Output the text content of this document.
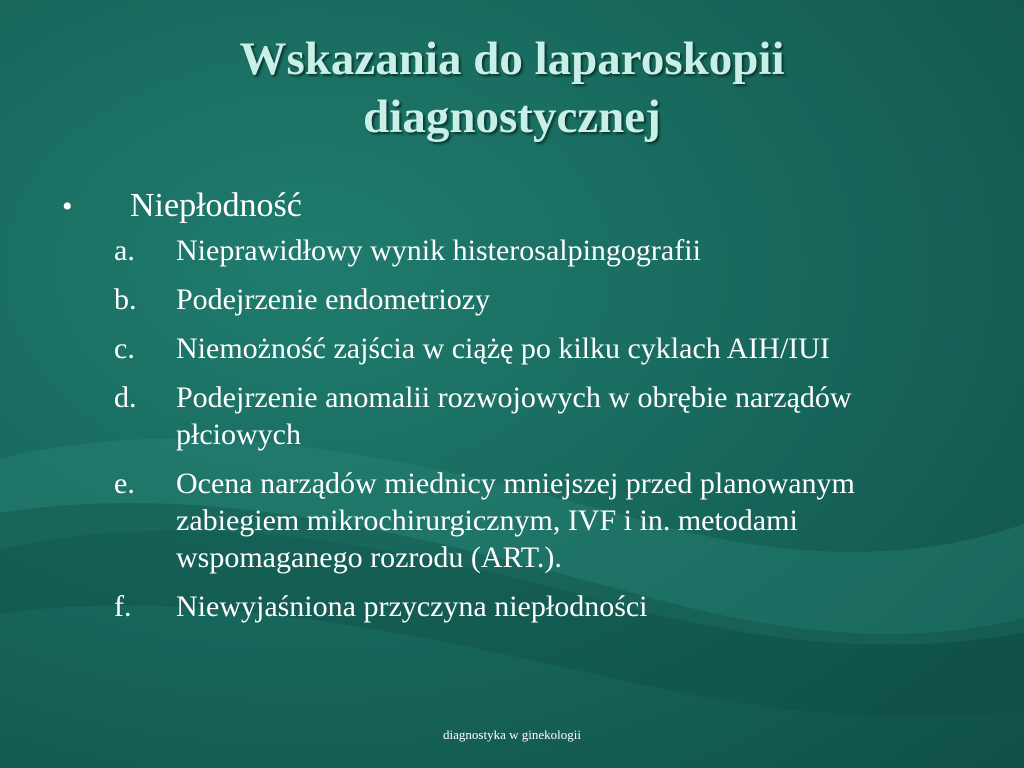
Wskazania do laparoskopii
diagnostycznej
•	Niepłodność
a.	Nieprawidłowy wynik histerosalpingografii
b.	Podejrzenie endometriozy
c.	Niemożność zajścia w ciążę po kilku cyklach AIH/IUI
d.	Podejrzenie anomalii rozwojowych w obrębie narządów płciowych
e.	Ocena narządów miednicy mniejszej przed planowanym zabiegiem mikrochirurgicznym, IVF i in. metodami wspomaganego rozrodu (ART.).
f.	Niewyjaśniona przyczyna niepłodności
diagnostyka w ginekologii
